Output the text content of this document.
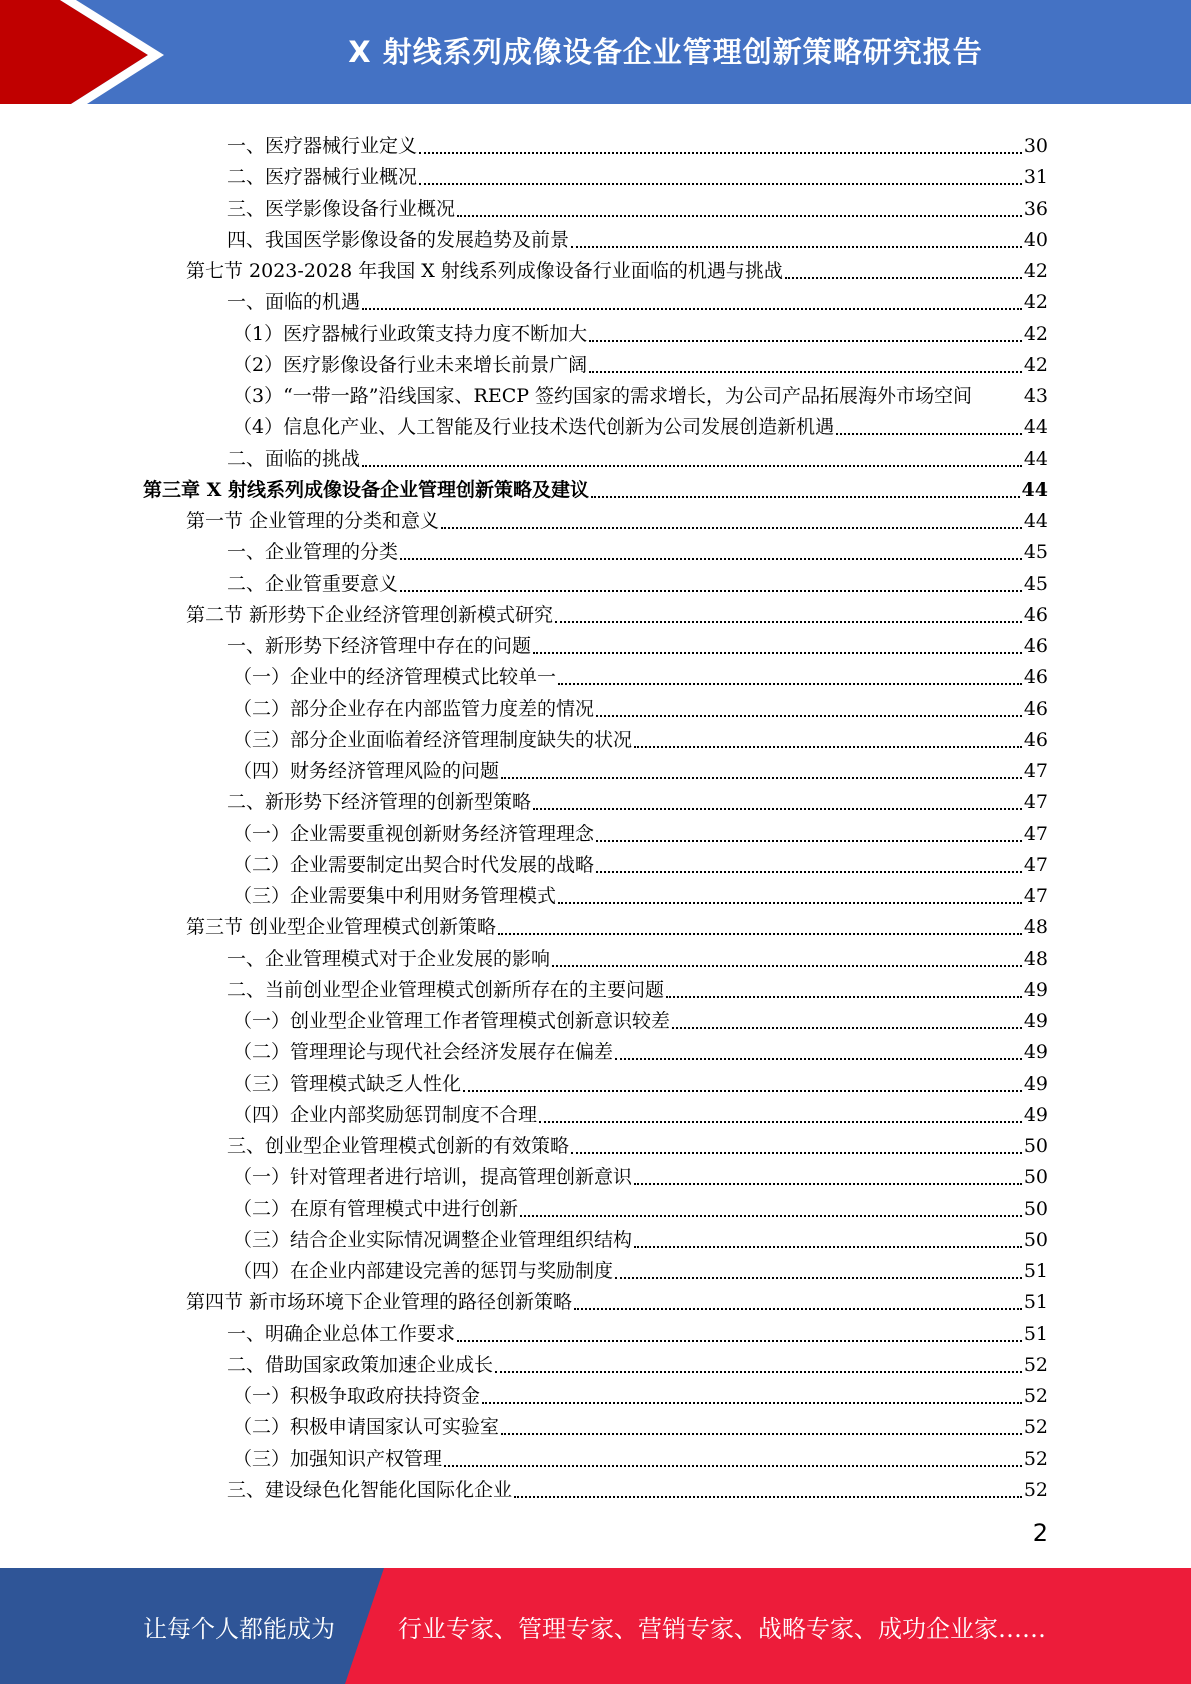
X 射线系列成像设备企业管理创新策略研究报告
一、医疗器械行业定义	30
二、医疗器械行业概况	31
三、医学影像设备行业概况	36
四、我国医学影像设备的发展趋势及前景	40
第七节 2023-2028 年我国 X 射线系列成像设备行业面临的机遇与挑战	42
一、面临的机遇	42
（1）医疗器械行业政策支持力度不断加大	42
（2）医疗影像设备行业未来增长前景广阔	42
（3）“一带一路”沿线国家、RECP 签约国家的需求增长，为公司产品拓展海外市场空间	43
（4）信息化产业、人工智能及行业技术迭代创新为公司发展创造新机遇	44
二、面临的挑战	44
第三章 X 射线系列成像设备企业管理创新策略及建议	44
第一节 企业管理的分类和意义	44
一、企业管理的分类	45
二、企业管重要意义	45
第二节 新形势下企业经济管理创新模式研究	46
一、新形势下经济管理中存在的问题	46
（一）企业中的经济管理模式比较单一	46
（二）部分企业存在内部监管力度差的情况	46
（三）部分企业面临着经济管理制度缺失的状况	46
（四）财务经济管理风险的问题	47
二、新形势下经济管理的创新型策略	47
（一）企业需要重视创新财务经济管理理念	47
（二）企业需要制定出契合时代发展的战略	47
（三）企业需要集中利用财务管理模式	47
第三节 创业型企业管理模式创新策略	48
一、企业管理模式对于企业发展的影响	48
二、当前创业型企业管理模式创新所存在的主要问题	49
（一）创业型企业管理工作者管理模式创新意识较差	49
（二）管理理论与现代社会经济发展存在偏差	49
（三）管理模式缺乏人性化	49
（四）企业内部奖励惩罚制度不合理	49
三、创业型企业管理模式创新的有效策略	50
（一）针对管理者进行培训，提高管理创新意识	50
（二）在原有管理模式中进行创新	50
（三）结合企业实际情况调整企业管理组织结构	50
（四）在企业内部建设完善的惩罚与奖励制度	51
第四节 新市场环境下企业管理的路径创新策略	51
一、明确企业总体工作要求	51
二、借助国家政策加速企业成长	52
（一）积极争取政府扶持资金	52
（二）积极申请国家认可实验室	52
（三）加强知识产权管理	52
三、建设绿色化智能化国际化企业	52
2
让每个人都能成为	行业专家、管理专家、营销专家、战略专家、成功企业家……
